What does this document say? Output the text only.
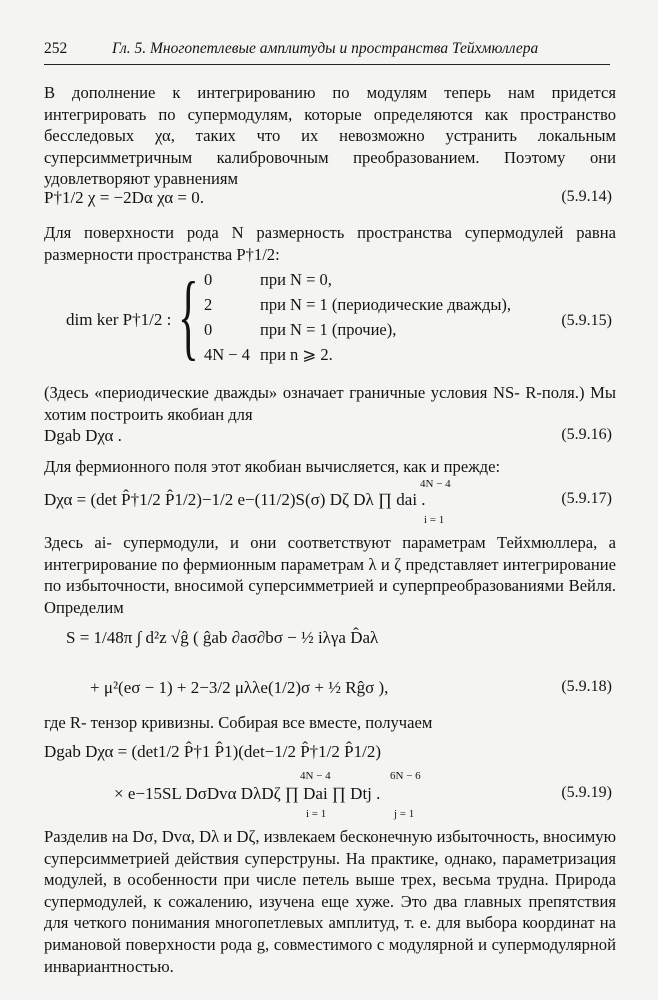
252	Гл. 5. Многопетлевые амплитуды и пространства Тейхмюллера
В дополнение к интегрированию по модулям теперь нам придется интегрировать по супермодулям, которые определяются как пространство бесследовых χα, таких что их невозможно устранить локальным суперсимметричным калибровочным преобразованием. Поэтому они удовлетворяют уравнениям
P†1/2 χ = −2Dα χα = 0.	(5.9.14)
Для поверхности рода N размерность пространства супермодулей равна размерности пространства P†1/2:
dim ker P†1/2 : { 0	при N = 0,
2	при N = 1 (периодические дважды),
0	при N = 1 (прочие),
4N − 4 при n ⩾ 2.
(5.9.15)
(Здесь «периодические дважды» означает граничные условия NS- R-поля.) Мы хотим построить якобиан для
Dgab Dχα .	(5.9.16)
Для фермионного поля этот якобиан вычисляется, как и прежде:
Dχα = (det P̂†1/2 P̂1/2)−1/2 e−(11/2)S(σ) Dζ Dλ ∏ dai .
4N − 4
i = 1
(5.9.17)
Здесь ai- супермодули, и они соответствуют параметрам Тейхмюллера, а интегрирование по фермионным параметрам λ и ζ представляет интегрирование по избыточности, вносимой суперсимметрией и суперпреобразованиями Вейля. Определим
S = 1/48π ∫ d²z √ĝ ( ĝab ∂aσ∂bσ − ½ iλγa D̂aλ
+ μ²(eσ − 1) + 2−3/2 μλλe(1/2)σ + ½ Rĝσ ),	(5.9.18)
где R- тензор кривизны. Собирая все вместе, получаем
Dgab Dχα = (det1/2 P̂†1 P̂1)(det−1/2 P̂†1/2 P̂1/2)
× e−15SL DσDvα DλDζ ∏ Dai ∏ Dtj .
4N − 4
i = 1
6N − 6
j = 1
(5.9.19)
Разделив на Dσ, Dvα, Dλ и Dζ, извлекаем бесконечную избыточность, вносимую суперсимметрией действия суперструны. На практике, однако, параметризация модулей, в особенности при числе петель выше трех, весьма трудна. Природа супермодулей, к сожалению, изучена еще хуже. Это два главных препятствия для четкого понимания многопетлевых амплитуд, т. е. для выбора координат на римановой поверхности рода g, совместимого с модулярной и супермодулярной инвариантностью.
